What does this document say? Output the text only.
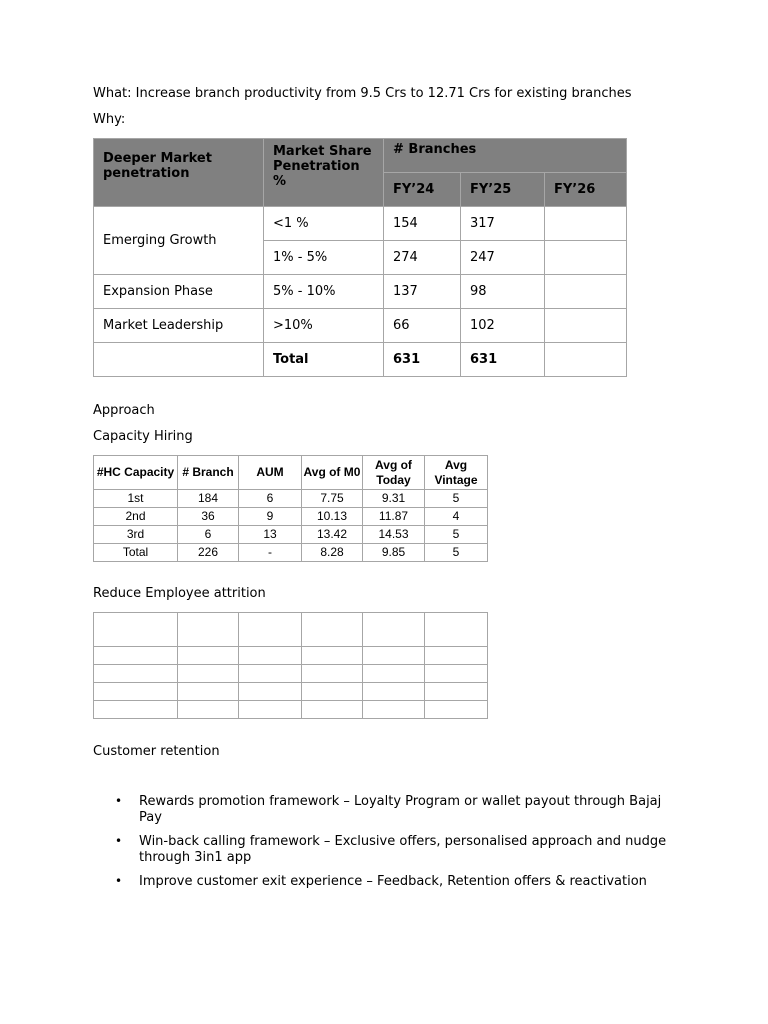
What: Increase branch productivity from 9.5 Crs to 12.71 Crs for existing branches
Why:
Deeper Market penetration	Market Share Penetration %	# Branches		
		FY’24	FY’25	FY’26
Emerging Growth	<1 %	154	317	
	1% - 5%	274	247	
Expansion Phase	5% - 10%	137	98	
Market Leadership	>10%	66	102	
	Total	631	631	
Approach
Capacity Hiring
#HC Capacity	# Branch	AUM	Avg of M0	Avg of Today	Avg Vintage
1st	184	6	7.75	9.31	5
2nd	36	9	10.13	11.87	4
3rd	6	13	13.42	14.53	5
Total	226	-	8.28	9.85	5
Reduce Employee attrition

Customer retention
• Rewards promotion framework – Loyalty Program or wallet payout through Bajaj Pay
• Win-back calling framework – Exclusive offers, personalised approach and nudge through 3in1 app
• Improve customer exit experience – Feedback, Retention offers & reactivation
